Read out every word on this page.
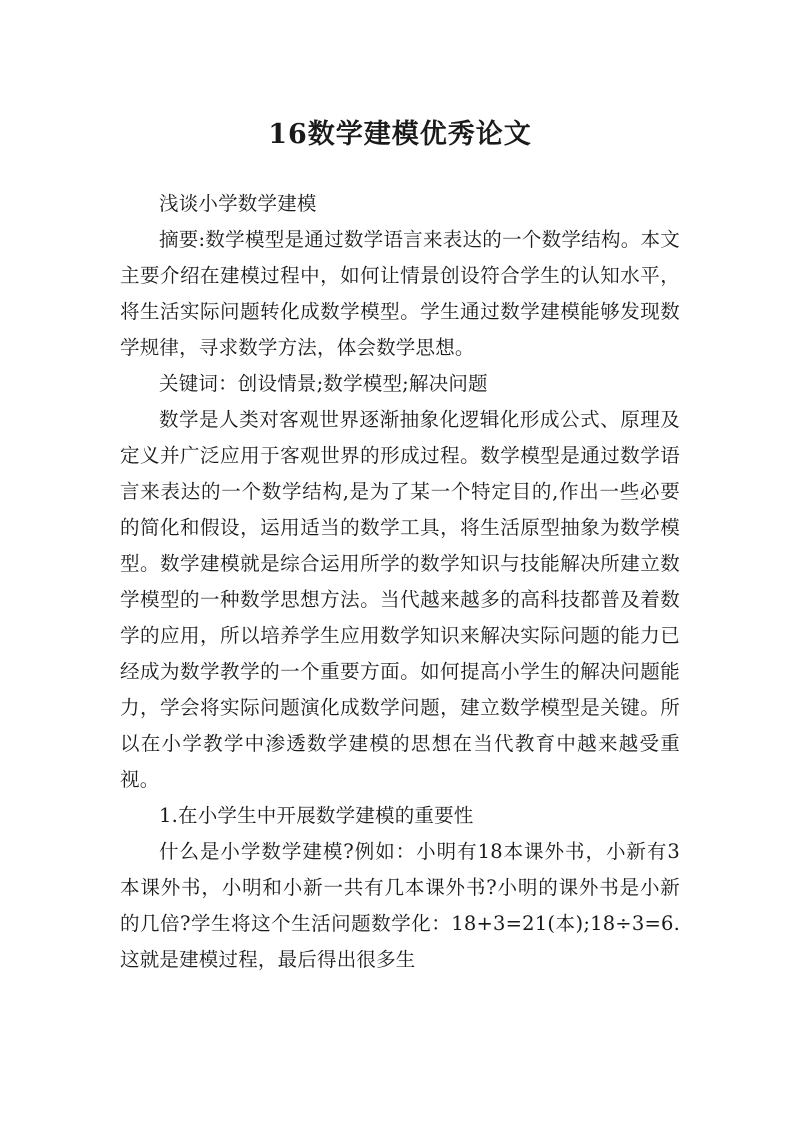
16数学建模优秀论文

浅谈小学数学建模

摘要:数学模型是通过数学语言来表达的一个数学结构。本文主要介绍在建模过程中，如何让情景创设符合学生的认知水平，将生活实际问题转化成数学模型。学生通过数学建模能够发现数学规律，寻求数学方法，体会数学思想。

关键词：创设情景;数学模型;解决问题

数学是人类对客观世界逐渐抽象化逻辑化形成公式、原理及定义并广泛应用于客观世界的形成过程。数学模型是通过数学语言来表达的一个数学结构,是为了某一个特定目的,作出一些必要的简化和假设，运用适当的数学工具，将生活原型抽象为数学模型。数学建模就是综合运用所学的数学知识与技能解决所建立数学模型的一种数学思想方法。当代越来越多的高科技都普及着数学的应用，所以培养学生应用数学知识来解决实际问题的能力已经成为数学教学的一个重要方面。如何提高小学生的解决问题能力，学会将实际问题演化成数学问题，建立数学模型是关键。所以在小学教学中渗透数学建模的思想在当代教育中越来越受重视。

1.在小学生中开展数学建模的重要性

什么是小学数学建模?例如：小明有18本课外书，小新有3本课外书，小明和小新一共有几本课外书?小明的课外书是小新的几倍?学生将这个生活问题数学化：18+3=21(本);18÷3=6. 这就是建模过程，最后得出很多生
